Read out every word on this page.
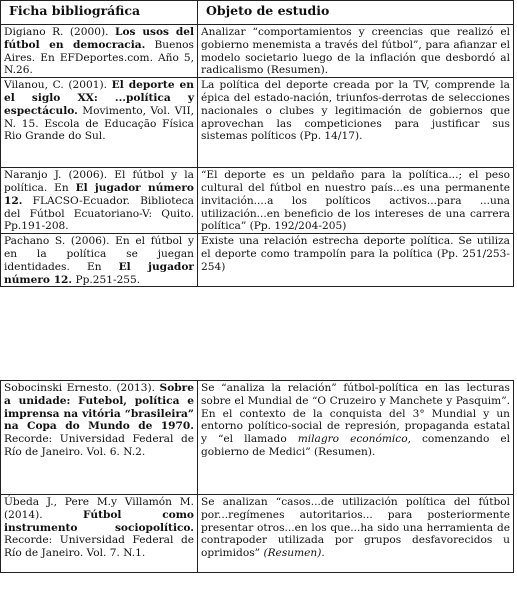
Ficha bibliográfica	Objeto de estudio
Digiano R. (2000). Los usos del fútbol en democracia. Buenos Aires. En EFDeportes.com. Año 5, N.26.	Analizar “comportamientos y creencias que realizó el gobierno menemista a través del fútbol”, para afianzar el modelo societario luego de la inflación que desbordó al radicalismo (Resumen).
Vilanou, C. (2001). El deporte en el siglo XX: ...política y espectáculo. Movimento, Vol. VII, N. 15. Escola de Educação Física Rio Grande do Sul.	La política del deporte creada por la TV, comprende la épica del estado-nación, triunfos-derrotas de selecciones nacionales o clubes y legitimación de gobiernos que aprovechan las competiciones para justificar sus sistemas políticos (Pp. 14/17).
Naranjo J. (2006). El fútbol y la política. En El jugador número 12. FLACSO-Ecuador. Biblioteca del Fútbol Ecuatoriano-V: Quito. Pp.191-208.	“El deporte es un peldaño para la política...; el peso cultural del fútbol en nuestro país...es una permanente invitación....a los políticos activos...para ...una utilización...en beneficio de los intereses de una carrera política” (Pp. 192/204-205)
Pachano S. (2006). En el fútbol y en la política se juegan identidades. En El jugador número 12. Pp.251-255.	Existe una relación estrecha deporte política. Se utiliza el deporte como trampolín para la política (Pp. 251/253-254)
Sobocinski Ernesto. (2013). Sobre a unidade: Futebol, política e imprensa na vitória “brasileira” na Copa do Mundo de 1970. Recorde: Universidad Federal de Río de Janeiro. Vol. 6. N.2.	Se “analiza la relación” fútbol-política en las lecturas sobre el Mundial de “O Cruzeiro y Manchete y Pasquim”. En el contexto de la conquista del 3° Mundial y un entorno político-social de represión, propaganda estatal y “el llamado milagro económico, comenzando el gobierno de Medici” (Resumen).
Úbeda J., Pere M.y Villamón M. (2014). Fútbol como instrumento sociopolítico. Recorde: Universidad Federal de Río de Janeiro. Vol. 7. N.1.	Se analizan “casos...de utilización política del fútbol por...regímenes autoritarios... para posteriormente presentar otros...en los que...ha sido una herramienta de contrapoder utilizada por grupos desfavorecidos u oprimidos” (Resumen).
